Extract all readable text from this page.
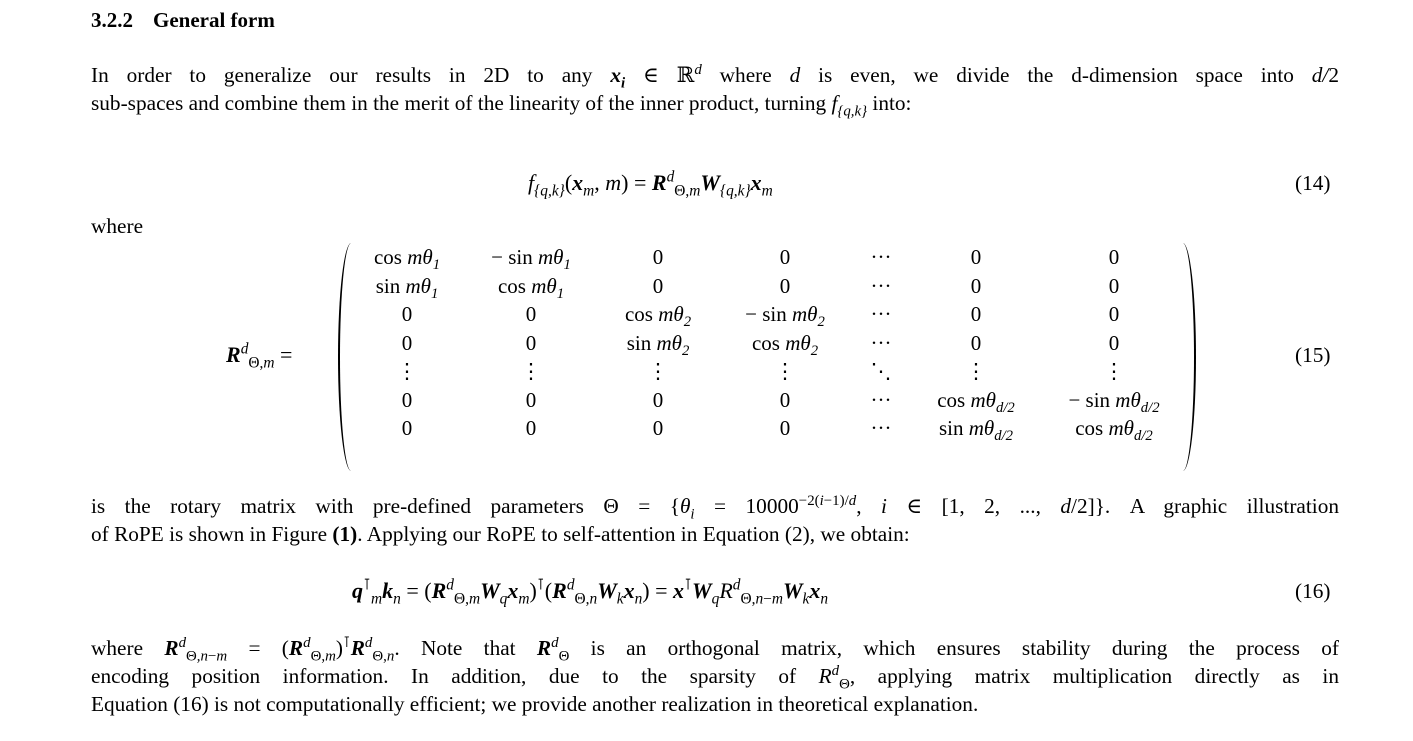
3.2.2 General form
In order to generalize our results in 2D to any $x_i$ ∈ ℝ$^d$ where d is even, we divide the d-dimension space into d/2
sub-spaces and combine them in the merit of the linearity of the inner product, turning $f_{\{q,k\}}$ into:
$f_{\{q,k\}}(x_m$, $m) = R^d_{\Theta,m}W_{\{q,k\}}x_m$	(14)
where
$R^d_{\Theta,m}$ =
$\cos m\theta_1$	− $\sin m\theta_1$	0	0	···	0	0
$\sin m\theta_1$	$\cos m\theta_1$	0	0	···	0	0
0	0	$\cos m\theta_2$	− $\sin m\theta_2$	···	0	0
0	0	$\sin m\theta_2$	$\cos m\theta_2$	···	0	0
⋮	⋮	⋮	⋮	⋱	⋮	⋮
0	0	0	0	···	$\cos m\theta_{d/2}$	− $\sin m\theta_{d/2}$
0	0	0	0	···	$\sin m\theta_{d/2}$	$\cos m\theta_{d/2}$
(15)
is the rotary matrix with pre-defined parameters $\Theta = \{\theta_i = 10000^{-2(i-1)/d}$, i ∈ [1, 2, ..., d/2]}. A graphic illustration
of RoPE is shown in Figure (1). Applying our RoPE to self-attention in Equation (2), we obtain:
$q^⊺_mk_n = (R^d_{\Theta,m}W_qx_m)^⊺(R^d_{\Theta,n}W_kx_n) = x^⊺W_qR^d_{\Theta,n-m}W_kx_n$	(16)
where $R^d_{\Theta,n-m} = (R^d_{\Theta,m})^⊺R^d_{\Theta,n}$. Note that $R^d_\Theta$ is an orthogonal matrix, which ensures stability during the process of
encoding position information. In addition, due to the sparsity of $R^d_\Theta$, applying matrix multiplication directly as in
Equation (16) is not computationally efficient; we provide another realization in theoretical explanation.
